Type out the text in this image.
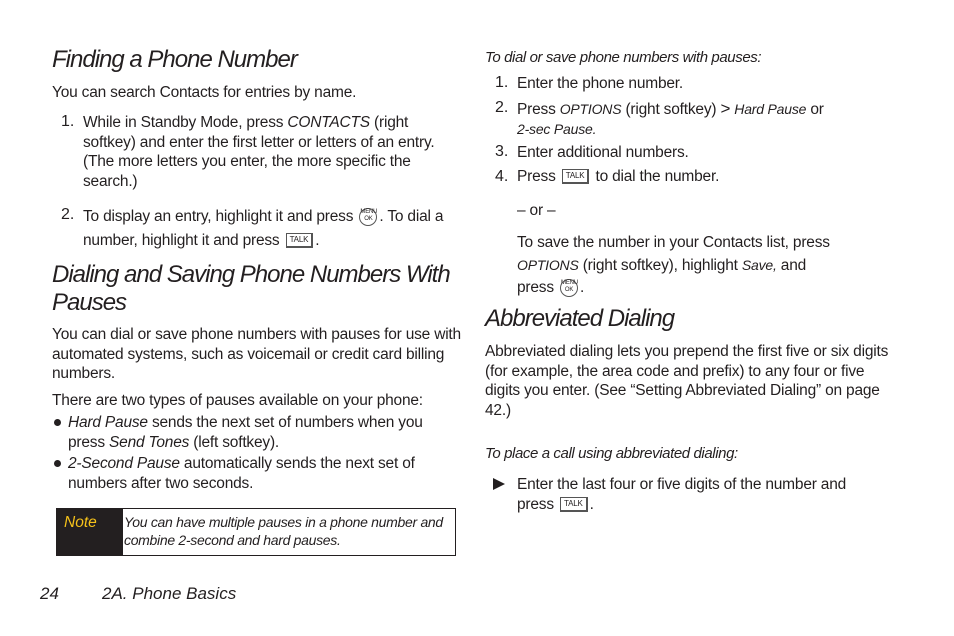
Finding a Phone Number

You can search Contacts for entries by name.

1. While in Standby Mode, press CONTACTS (right softkey) and enter the first letter or letters of an entry. (The more letters you enter, the more specific the search.)

2. To display an entry, highlight it and press MENU
OK . To dial a number, highlight it and press TALK .

Dialing and Saving Phone Numbers With Pauses

You can dial or save phone numbers with pauses for use with automated systems, such as voicemail or credit card billing numbers.

There are two types of pauses available on your phone:

Hard Pause sends the next set of numbers when you press Send Tones (left softkey).

2-Second Pause automatically sends the next set of numbers after two seconds.

Note	You can have multiple pauses in a phone number and combine 2-second and hard pauses.
24	2A. Phone Basics
To dial or save phone numbers with pauses:
1. Enter the phone number.

2. Press OPTIONS (right softkey) > Hard Pause or
2-sec Pause.

3. Enter additional numbers.

4. Press TALK to dial the number.

– or –

To save the number in your Contacts list, press OPTIONS (right softkey), highlight Save, and
press MENU
OK .

Abbreviated Dialing

Abbreviated dialing lets you prepend the first five or six digits (for example, the area code and prefix) to any four or five digits you enter. (See “Setting Abbreviated Dialing” on page 42.)

To place a call using abbreviated dialing:

Enter the last four or five digits of the number and press TALK .
